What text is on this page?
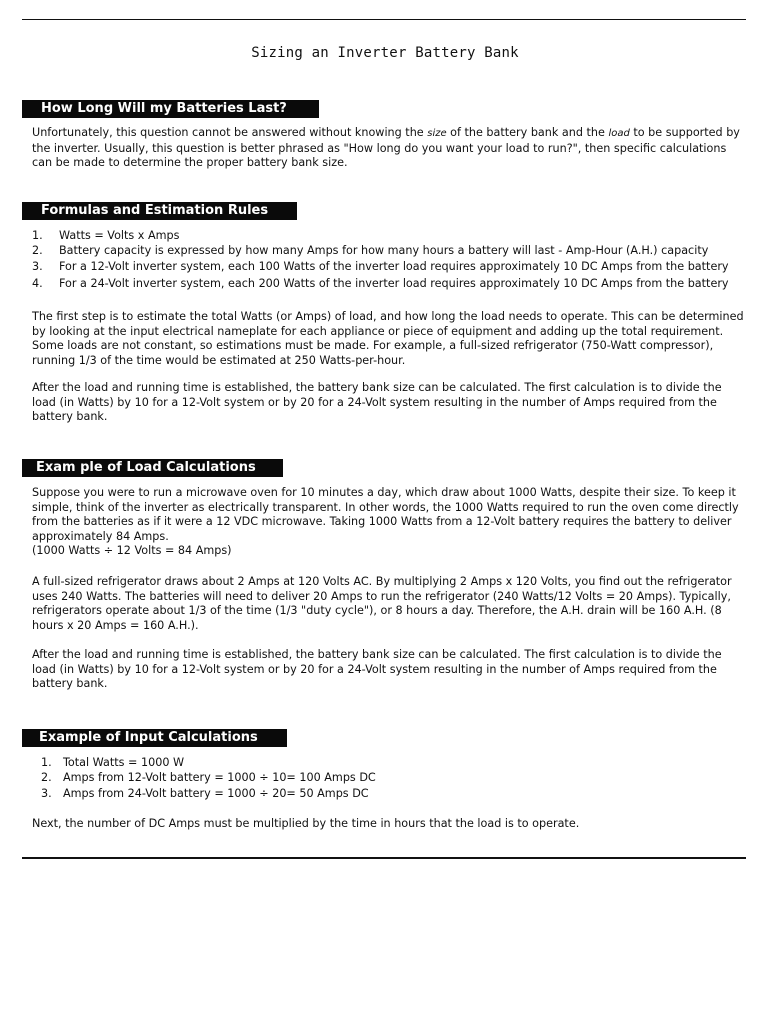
Sizing an Inverter Battery Bank
How Long Will my Batteries Last?

Unfortunately, this question cannot be answered without knowing the size of the battery bank and the load to be supported by the inverter. Usually, this question is better phrased as "How long do you want your load to run?", then specific calculations can be made to determine the proper battery bank size.

Formulas and Estimation Rules
1.	Watts = Volts x Amps
2.	Battery capacity is expressed by how many Amps for how many hours a battery will last - Amp-Hour (A.H.) capacity
3.	For a 12-Volt inverter system, each 100 Watts of the inverter load requires approximately 10 DC Amps from the battery
4.	For a 24-Volt inverter system, each 200 Watts of the inverter load requires approximately 10 DC Amps from the battery

The first step is to estimate the total Watts (or Amps) of load, and how long the load needs to operate. This can be determined by looking at the input electrical nameplate for each appliance or piece of equipment and adding up the total requirement. Some loads are not constant, so estimations must be made. For example, a full-sized refrigerator (750-Watt compressor), running 1/3 of the time would be estimated at 250 Watts-per-hour.

After the load and running time is established, the battery bank size can be calculated. The first calculation is to divide the load (in Watts) by 10 for a 12-Volt system or by 20 for a 24-Volt system resulting in the number of Amps required from the battery bank.

Exam ple of Load Calculations

Suppose you were to run a microwave oven for 10 minutes a day, which draw about 1000 Watts, despite their size. To keep it simple, think of the inverter as electrically transparent. In other words, the 1000 Watts required to run the oven come directly from the batteries as if it were a 12 VDC microwave. Taking 1000 Watts from a 12-Volt battery requires the battery to deliver approximately 84 Amps.
(1000 Watts ÷ 12 Volts = 84 Amps)

A full-sized refrigerator draws about 2 Amps at 120 Volts AC. By multiplying 2 Amps x 120 Volts, you find out the refrigerator uses 240 Watts. The batteries will need to deliver 20 Amps to run the refrigerator (240 Watts/12 Volts = 20 Amps). Typically, refrigerators operate about 1/3 of the time (1/3 "duty cycle"), or 8 hours a day. Therefore, the A.H. drain will be 160 A.H. (8 hours x 20 Amps = 160 A.H.).

After the load and running time is established, the battery bank size can be calculated. The first calculation is to divide the load (in Watts) by 10 for a 12-Volt system or by 20 for a 24-Volt system resulting in the number of Amps required from the battery bank.

Example of Input Calculations
1.	Total Watts = 1000 W
2.	Amps from 12-Volt battery = 1000 ÷ 10= 100 Amps DC
3.	Amps from 24-Volt battery = 1000 ÷ 20= 50 Amps DC

Next, the number of DC Amps must be multiplied by the time in hours that the load is to operate.
